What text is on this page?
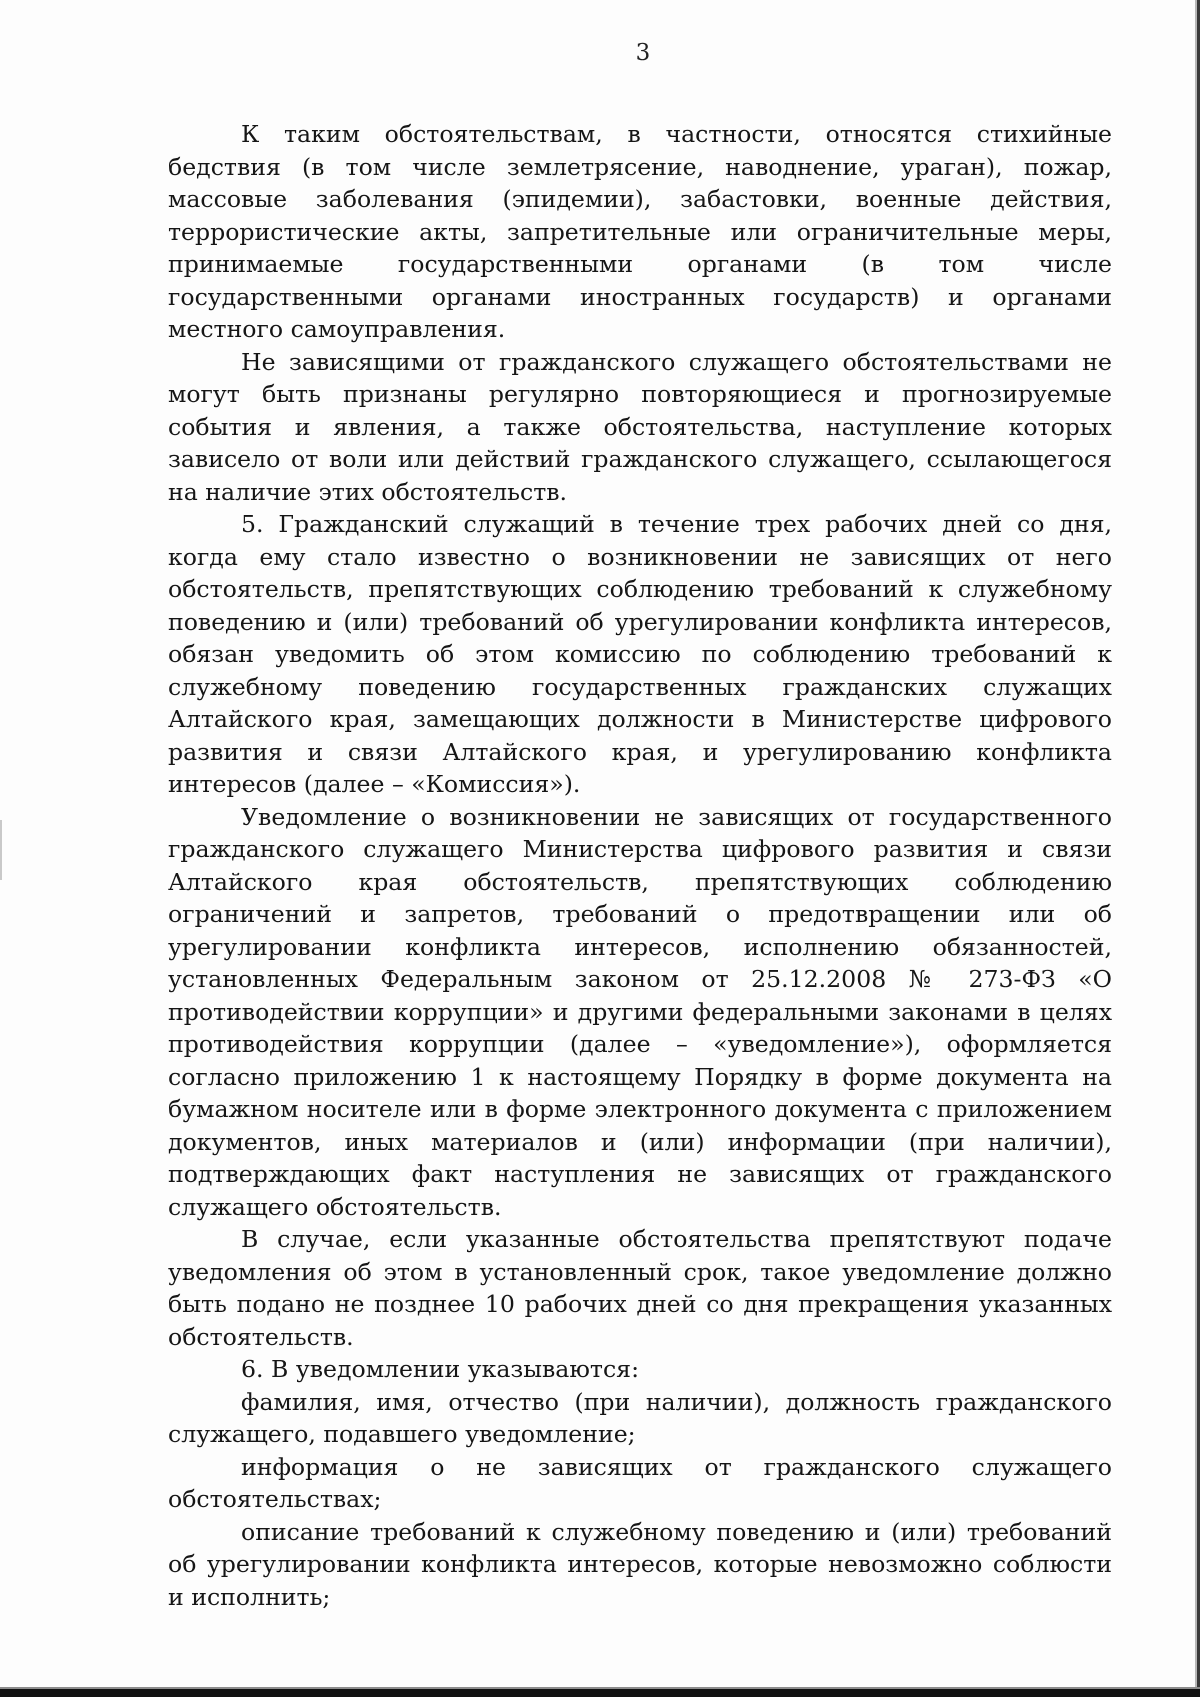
3

К таким обстоятельствам, в частности, относятся стихийные бедствия (в том числе землетрясение, наводнение, ураган), пожар, массовые заболевания (эпидемии), забастовки, военные действия, террористические акты, запретительные или ограничительные меры, принимаемые государственными органами (в том числе государственными органами иностранных государств) и органами местного самоуправления.

Не зависящими от гражданского служащего обстоятельствами не могут быть признаны регулярно повторяющиеся и прогнозируемые события и явления, а также обстоятельства, наступление которых зависело от воли или действий гражданского служащего, ссылающегося на наличие этих обстоятельств.

5. Гражданский служащий в течение трех рабочих дней со дня, когда ему стало известно о возникновении не зависящих от него обстоятельств, препятствующих соблюдению требований к служебному поведению и (или) требований об урегулировании конфликта интересов, обязан уведомить об этом комиссию по соблюдению требований к служебному поведению государственных гражданских служащих Алтайского края, замещающих должности в Министерстве цифрового развития и связи Алтайского края, и урегулированию конфликта интересов (далее – «Комиссия»).

Уведомление о возникновении не зависящих от государственного гражданского служащего Министерства цифрового развития и связи Алтайского края обстоятельств, препятствующих соблюдению ограничений и запретов, требований о предотвращении или об урегулировании конфликта интересов, исполнению обязанностей, установленных Федеральным законом от 25.12.2008 № 273-ФЗ «О противодействии коррупции» и другими федеральными законами в целях противодействия коррупции (далее – «уведомление»), оформляется согласно приложению 1 к настоящему Порядку в форме документа на бумажном носителе или в форме электронного документа с приложением документов, иных материалов и (или) информации (при наличии), подтверждающих факт наступления не зависящих от гражданского служащего обстоятельств.

В случае, если указанные обстоятельства препятствуют подаче уведомления об этом в установленный срок, такое уведомление должно быть подано не позднее 10 рабочих дней со дня прекращения указанных обстоятельств.

6. В уведомлении указываются:

фамилия, имя, отчество (при наличии), должность гражданского служащего, подавшего уведомление;

информация о не зависящих от гражданского служащего обстоятельствах;

описание требований к служебному поведению и (или) требований об урегулировании конфликта интересов, которые невозможно соблюсти и исполнить;
